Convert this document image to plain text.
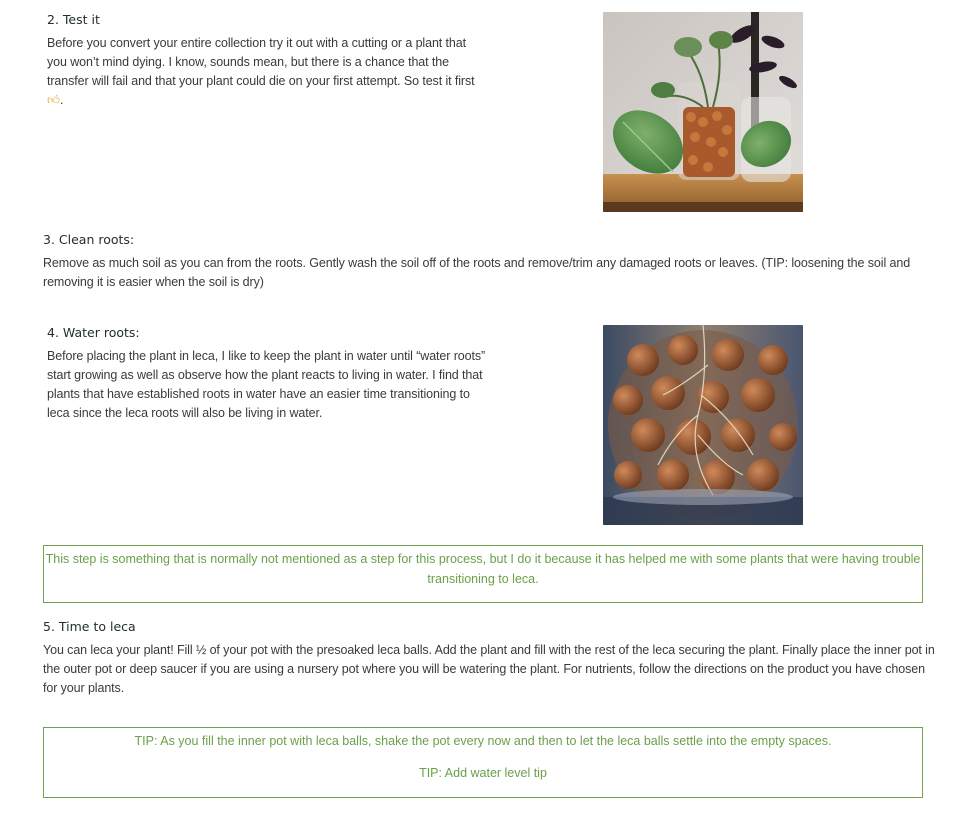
2. Test it

Before you convert your entire collection try it out with a cutting or a plant that

you won’t mind dying. I know, sounds mean, but there is a chance that the

transfer will fail and that your plant could die on your first attempt. So test it first

👍︎.

3. Clean roots:

Remove as much soil as you can from the roots. Gently wash the soil off of the roots and remove/trim any damaged roots or leaves. (TIP: loosening the soil and

removing it is easier when the soil is dry)

4. Water roots:

Before placing the plant in leca, I like to keep the plant in water until “water roots”

start growing as well as observe how the plant reacts to living in water. I find that

plants that have established roots in water have an easier time transitioning to

leca since the leca roots will also be living in water.

This step is something that is normally not mentioned as a step for this process, but I do it because it has helped me with some plants that were having trouble
transitioning to leca.
5. Time to leca

You can leca your plant! Fill ½ of your pot with the presoaked leca balls. Add the plant and fill with the rest of the leca securing the plant. Finally place the inner pot in

the outer pot or deep saucer if you are using a nursery pot where you will be watering the plant. For nutrients, follow the directions on the product you have chosen

for your plants.

TIP: As you fill the inner pot with leca balls, shake the pot every now and then to let the leca balls settle into the empty spaces.
TIP: Add water level tip
